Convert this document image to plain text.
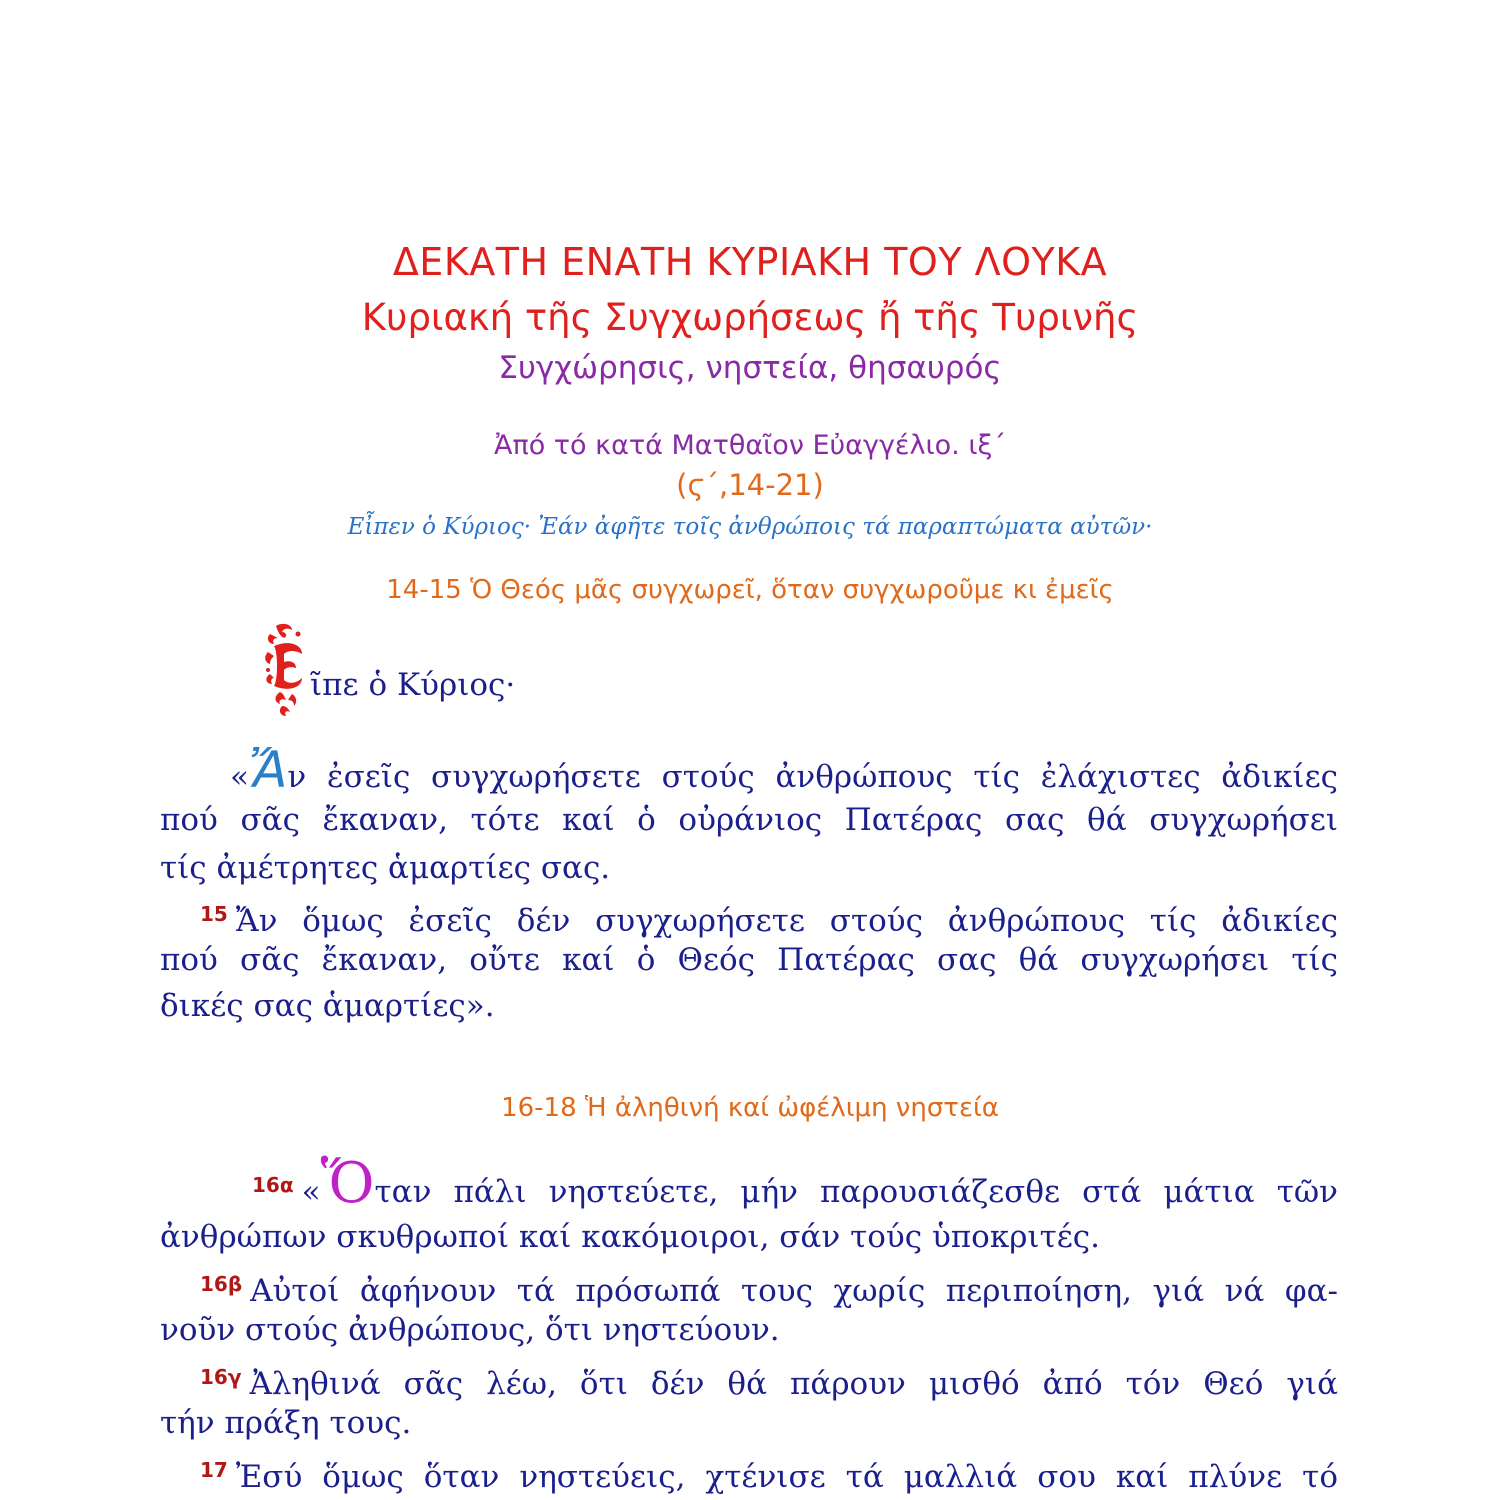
ΔΕΚΑΤΗ ΕΝΑΤΗ ΚΥΡΙΑΚΗ ΤΟΥ ΛΟΥΚΑ
Κυριακή τῆς Συγχωρήσεως ἤ τῆς Τυρινῆς
Συγχώρησις, νηστεία, θησαυρός
Ἀπό τό κατά Ματθαῖον Εὐαγγέλιο. ιξ΄
(ϛ΄,14-21)
Εἶπεν ὁ Κύριος· Ἐάν ἀφῆτε τοῖς ἀνθρώποις τά παραπτώματα αὐτῶν·
14-15 Ὁ Θεός μᾶς συγχωρεῖ, ὅταν συγχωροῦμε κι ἐμεῖς
ῖπε ὁ Κύριος·
«Ἄν ἐσεῖς συγχωρήσετε στούς ἀνθρώπους τίς ἐλάχιστες ἀδικίες
πού σᾶς ἔκαναν, τότε καί ὁ οὐράνιος Πατέρας σας θά συγχωρήσει
τίς ἀμέτρητες ἁμαρτίες σας.
$^{15}$ Ἄν ὅμως ἐσεῖς δέν συγχωρήσετε στούς ἀνθρώπους τίς ἀδικίες
πού σᾶς ἔκαναν, οὔτε καί ὁ Θεός Πατέρας σας θά συγχωρήσει τίς
δικές σας ἁμαρτίες».
16-18 Ἡ ἀληθινή καί ὠφέλιμη νηστεία
$^{16\alpha}$ «Ὅταν πάλι νηστεύετε, μήν παρουσιάζεσθε στά μάτια τῶν
ἀνθρώπων σκυθρωποί καί κακόμοιροι, σάν τούς ὑποκριτές.
$^{16\beta}$ Αὐτοί ἀφήνουν τά πρόσωπά τους χωρίς περιποίηση, γιά νά φα-
νοῦν στούς ἀνθρώπους, ὅτι νηστεύουν.
$^{16\gamma}$ Ἀληθινά σᾶς λέω, ὅτι δέν θά πάρουν μισθό ἀπό τόν Θεό γιά
τήν πράξη τους.
$^{17}$ Ἐσύ ὅμως ὅταν νηστεύεις, χτένισε τά μαλλιά σου καί πλύνε τό
